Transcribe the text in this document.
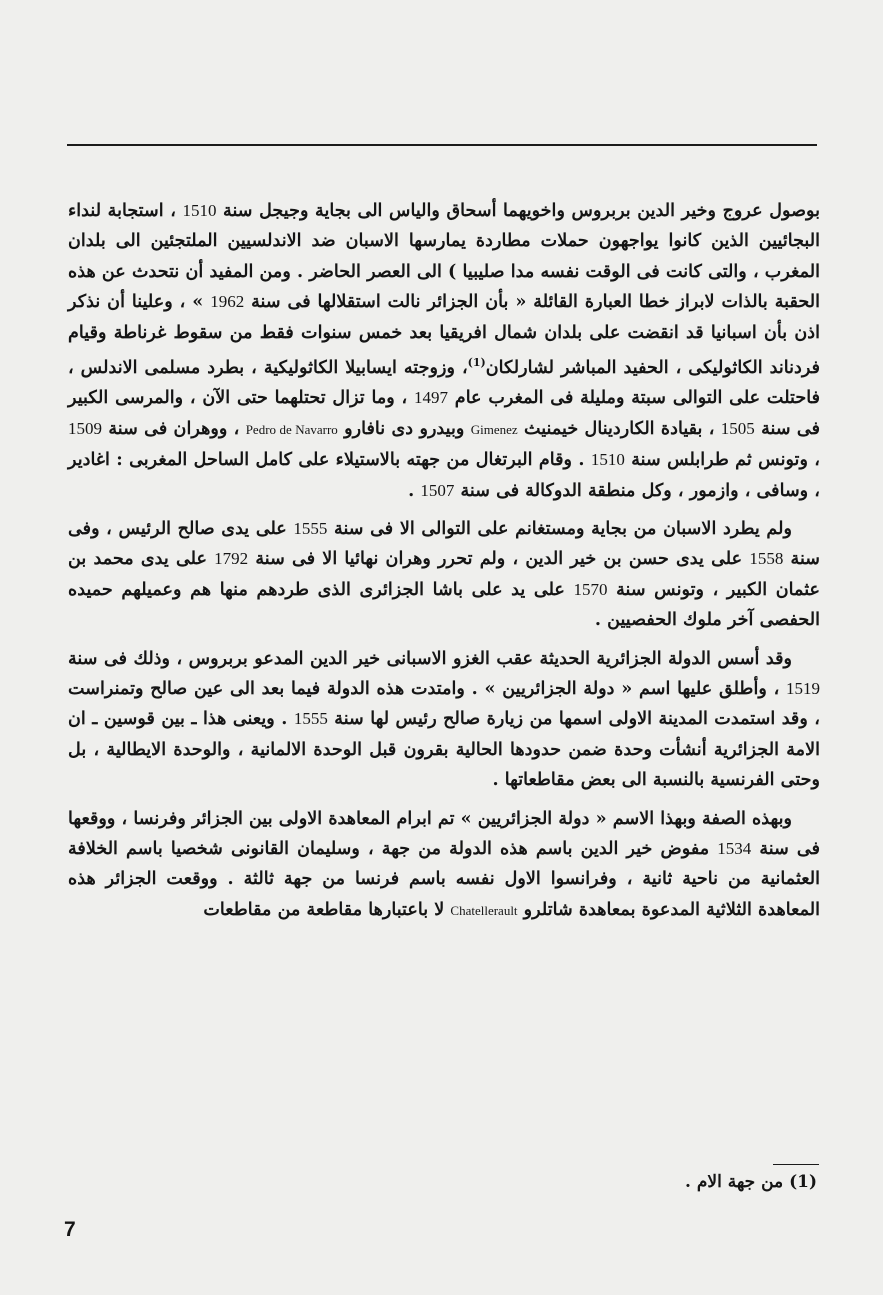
بوصول عروج وخير الدين بربروس واخويهما أسحاق والياس الى بجاية وجيجل سنة 1510 ، استجابة لنداء البجائيين الذين كانوا يواجهون حملات مطاردة يمارسها الاسبان ضد الاندلسيين الملتجئين الى بلدان المغرب ، والتى كانت فى الوقت نفسه مدا صليبيا ) الى العصر الحاضر . ومن المفيد أن نتحدث عن هذه الحقبة بالذات لابراز خطا العبارة القائلة « بأن الجزائر نالت استقلالها فى سنة 1962 » ، وعلينا أن نذكر اذن بأن اسبانيا قد انقضت على بلدان شمال افريقيا بعد خمس سنوات فقط من سقوط غرناطة وقيام فردناند الكاثوليكى ، الحفيد المباشر لشارلكان$^{(1)}$، وزوجته ايسابيلا الكاثوليكية ، بطرد مسلمى الاندلس ، فاحتلت على التوالى سبتة ومليلة فى المغرب عام 1497 ، وما تزال تحتلهما حتى الآن ، والمرسى الكبير فى سنة 1505 ، بقيادة الكاردينال خيمنيث Gimenez وبيدرو دى نافارو Pedro de Navarro ، ووهران فى سنة 1509 ، وتونس ثم طرابلس سنة 1510 . وقام البرتغال من جهته بالاستيلاء على كامل الساحل المغربى : اغادير ، وسافى ، وازمور ، وكل منطقة الدوكالة فى سنة 1507 .

ولم يطرد الاسبان من بجاية ومستغانم على التوالى الا فى سنة 1555 على يدى صالح الرئيس ، وفى سنة 1558 على يدى حسن بن خير الدين ، ولم تحرر وهران نهائيا الا فى سنة 1792 على يدى محمد بن عثمان الكبير ، وتونس سنة 1570 على يد على باشا الجزائرى الذى طردهم منها هم وعميلهم حميده الحفصى آخر ملوك الحفصيين .

وقد أسس الدولة الجزائرية الحديثة عقب الغزو الاسبانى خير الدين المدعو بربروس ، وذلك فى سنة 1519 ، وأطلق عليها اسم « دولة الجزائريين » . وامتدت هذه الدولة فيما بعد الى عين صالح وتمنراست ، وقد استمدت المدينة الاولى اسمها من زيارة صالح رئيس لها سنة 1555 . ويعنى هذا ـ بين قوسين ـ ان الامة الجزائرية أنشأت وحدة ضمن حدودها الحالية بقرون قبل الوحدة الالمانية ، والوحدة الايطالية ، بل وحتى الفرنسية بالنسبة الى بعض مقاطعاتها .

وبهذه الصفة وبهذا الاسم « دولة الجزائريين » تم ابرام المعاهدة الاولى بين الجزائر وفرنسا ، ووقعها فى سنة 1534 مفوض خير الدين باسم هذه الدولة من جهة ، وسليمان القانونى شخصيا باسم الخلافة العثمانية من ناحية ثانية ، وفرانسوا الاول نفسه باسم فرنسا من جهة ثالثة . ووقعت الجزائر هذه المعاهدة الثلاثية المدعوة بمعاهدة شاتلرو Chatellerault لا باعتبارها مقاطعة من مقاطعات

(1) من جهة الام .
7
